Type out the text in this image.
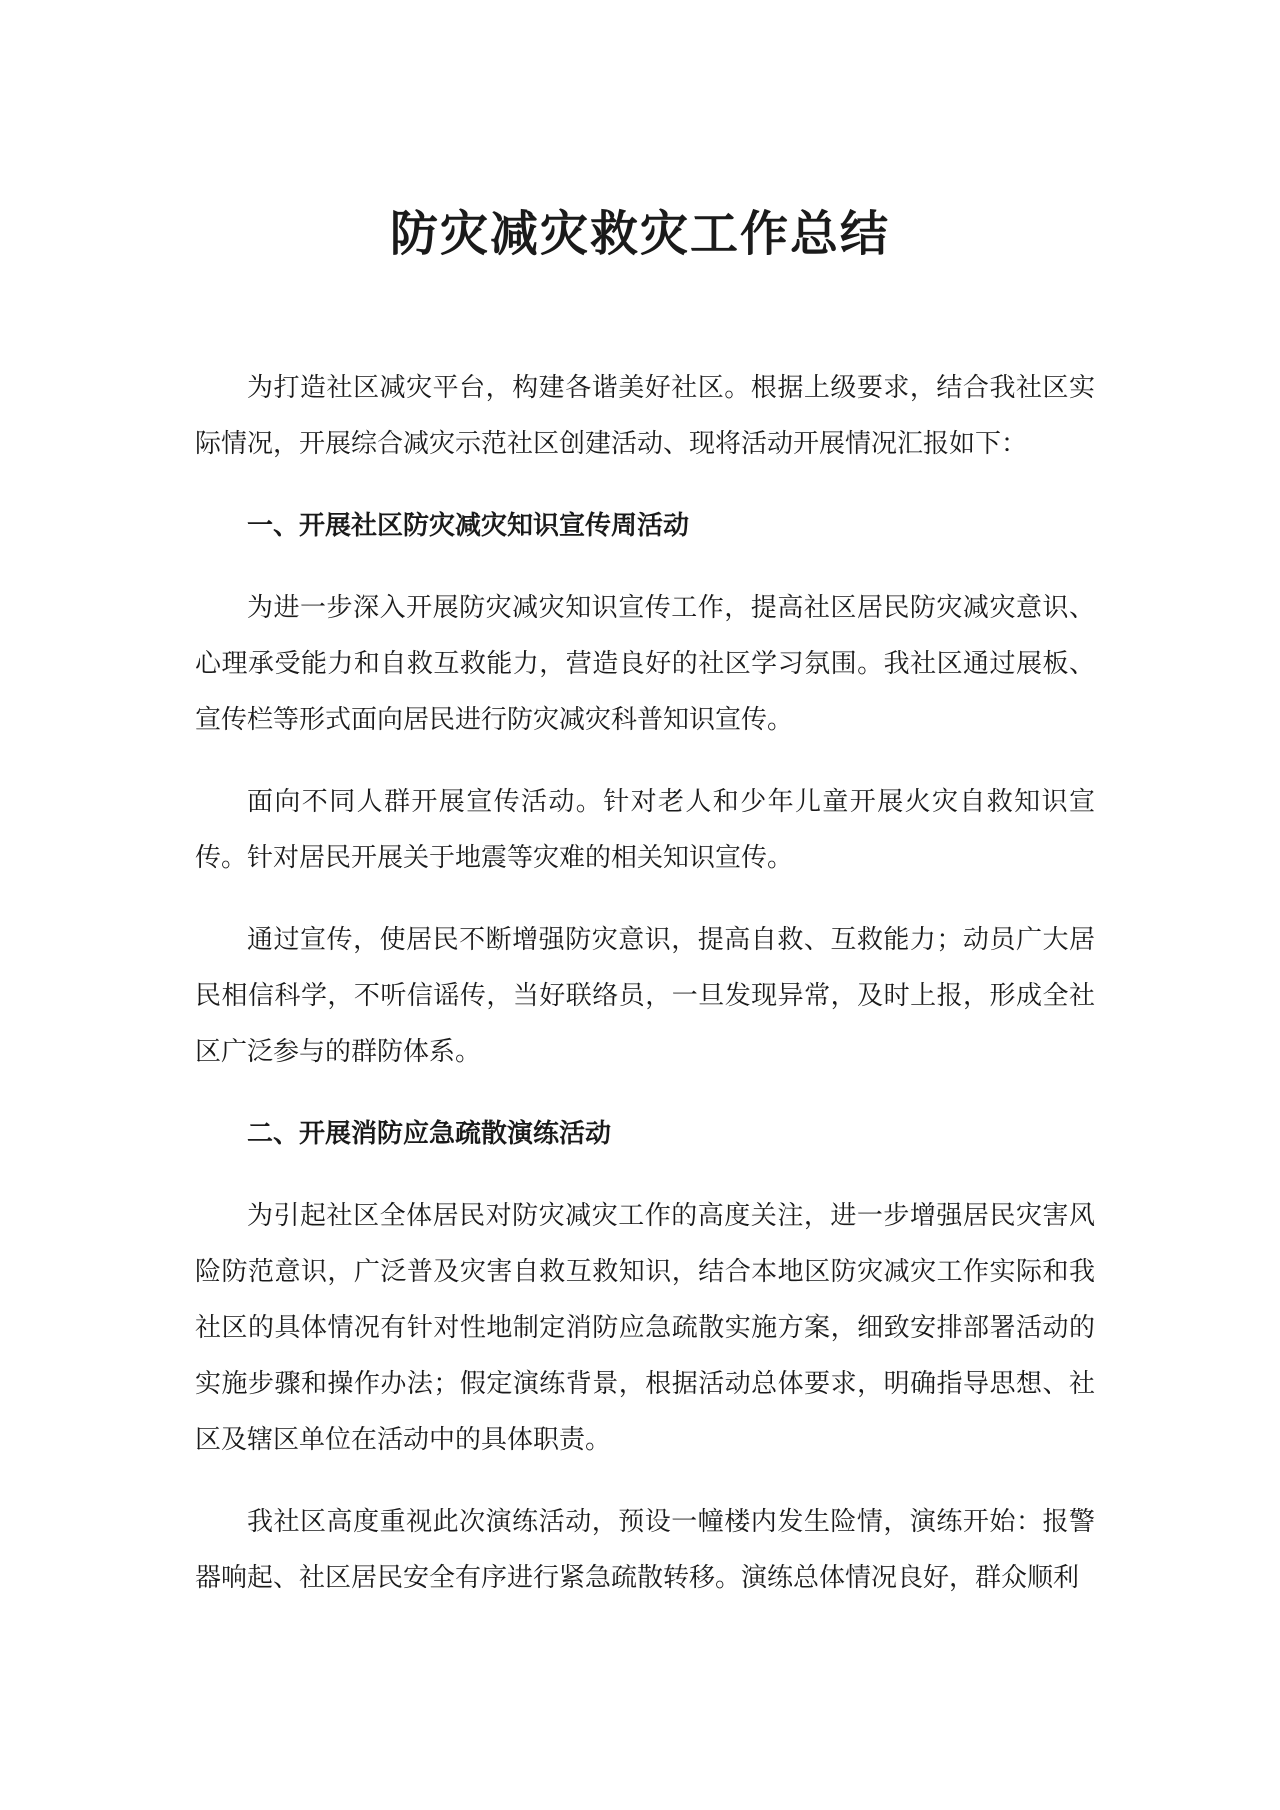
防灾减灾救灾工作总结

为打造社区减灾平台，构建各谐美好社区。根据上级要求，结合我社区实际情况，开展综合减灾示范社区创建活动、现将活动开展情况汇报如下：

一、开展社区防灾减灾知识宣传周活动

为进一步深入开展防灾减灾知识宣传工作，提高社区居民防灾减灾意识、心理承受能力和自救互救能力，营造良好的社区学习氛围。我社区通过展板、宣传栏等形式面向居民进行防灾减灾科普知识宣传。

面向不同人群开展宣传活动。针对老人和少年儿童开展火灾自救知识宣传。针对居民开展关于地震等灾难的相关知识宣传。

通过宣传，使居民不断增强防灾意识，提高自救、互救能力；动员广大居民相信科学，不听信谣传，当好联络员，一旦发现异常，及时上报，形成全社区广泛参与的群防体系。

二、开展消防应急疏散演练活动

为引起社区全体居民对防灾减灾工作的高度关注，进一步增强居民灾害风险防范意识，广泛普及灾害自救互救知识，结合本地区防灾减灾工作实际和我社区的具体情况有针对性地制定消防应急疏散实施方案，细致安排部署活动的实施步骤和操作办法；假定演练背景，根据活动总体要求，明确指导思想、社区及辖区单位在活动中的具体职责。

我社区高度重视此次演练活动，预设一幢楼内发生险情，演练开始：报警器响起、社区居民安全有序进行紧急疏散转移。演练总体情况良好，群众顺利
